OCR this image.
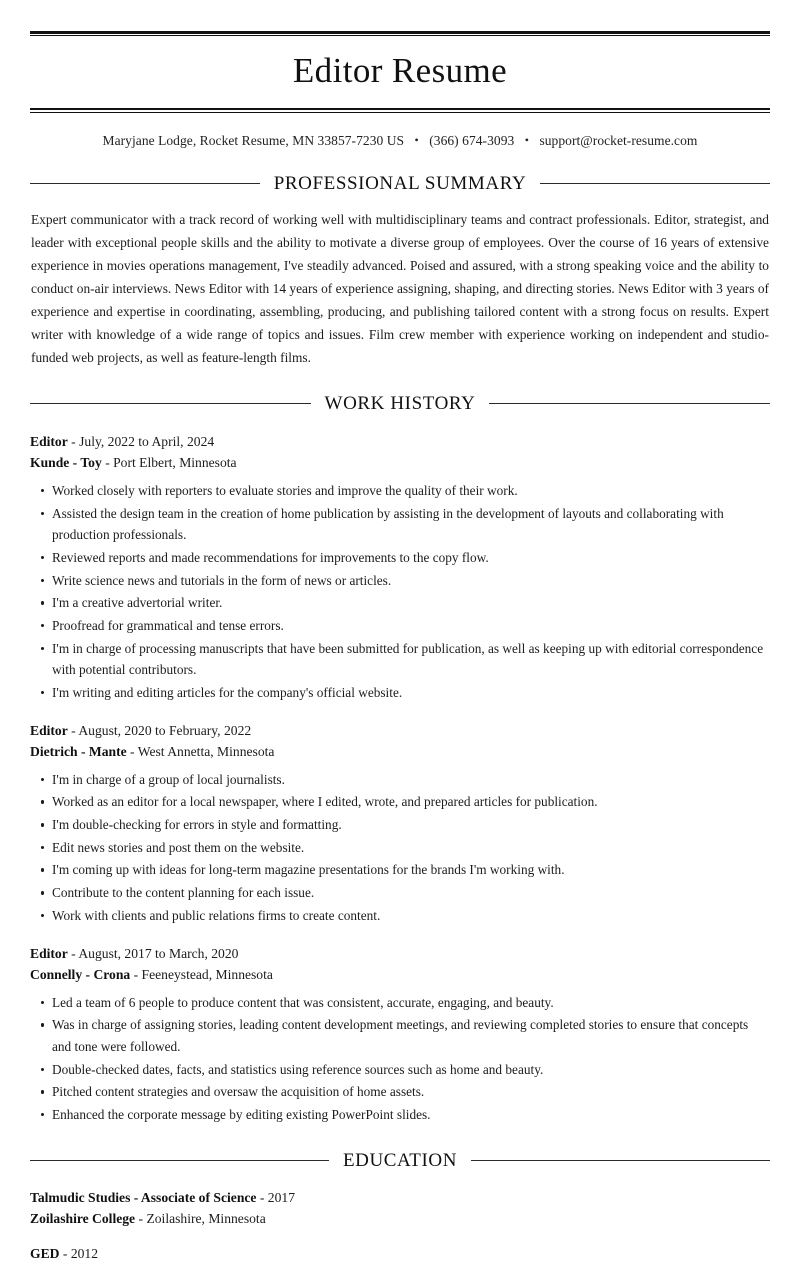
Editor Resume
Maryjane Lodge, Rocket Resume, MN 33857-7230 US • (366) 674-3093 • support@rocket-resume.com
PROFESSIONAL SUMMARY

Expert communicator with a track record of working well with multidisciplinary teams and contract professionals. Editor, strategist, and leader with exceptional people skills and the ability to motivate a diverse group of employees. Over the course of 16 years of extensive experience in movies operations management, I've steadily advanced. Poised and assured, with a strong speaking voice and the ability to conduct on-air interviews. News Editor with 14 years of experience assigning, shaping, and directing stories. News Editor with 3 years of experience and expertise in coordinating, assembling, producing, and publishing tailored content with a strong focus on results. Expert writer with knowledge of a wide range of topics and issues. Film crew member with experience working on independent and studio-funded web projects, as well as feature-length films.

WORK HISTORY
Editor - July, 2022 to April, 2024
Kunde - Toy - Port Elbert, Minnesota
Worked closely with reporters to evaluate stories and improve the quality of their work.
Assisted the design team in the creation of home publication by assisting in the development of layouts and collaborating with production professionals.
Reviewed reports and made recommendations for improvements to the copy flow.
Write science news and tutorials in the form of news or articles.
I'm a creative advertorial writer.
Proofread for grammatical and tense errors.
I'm in charge of processing manuscripts that have been submitted for publication, as well as keeping up with editorial correspondence with potential contributors.
I'm writing and editing articles for the company's official website.
Editor - August, 2020 to February, 2022
Dietrich - Mante - West Annetta, Minnesota
I'm in charge of a group of local journalists.
Worked as an editor for a local newspaper, where I edited, wrote, and prepared articles for publication.
I'm double-checking for errors in style and formatting.
Edit news stories and post them on the website.
I'm coming up with ideas for long-term magazine presentations for the brands I'm working with.
Contribute to the content planning for each issue.
Work with clients and public relations firms to create content.
Editor - August, 2017 to March, 2020
Connelly - Crona - Feeneystead, Minnesota
Led a team of 6 people to produce content that was consistent, accurate, engaging, and beauty.
Was in charge of assigning stories, leading content development meetings, and reviewing completed stories to ensure that concepts and tone were followed.
Double-checked dates, facts, and statistics using reference sources such as home and beauty.
Pitched content strategies and oversaw the acquisition of home assets.
Enhanced the corporate message by editing existing PowerPoint slides.
EDUCATION
Talmudic Studies - Associate of Science - 2017
Zoilashire College - Zoilashire, Minnesota
GED - 2012
